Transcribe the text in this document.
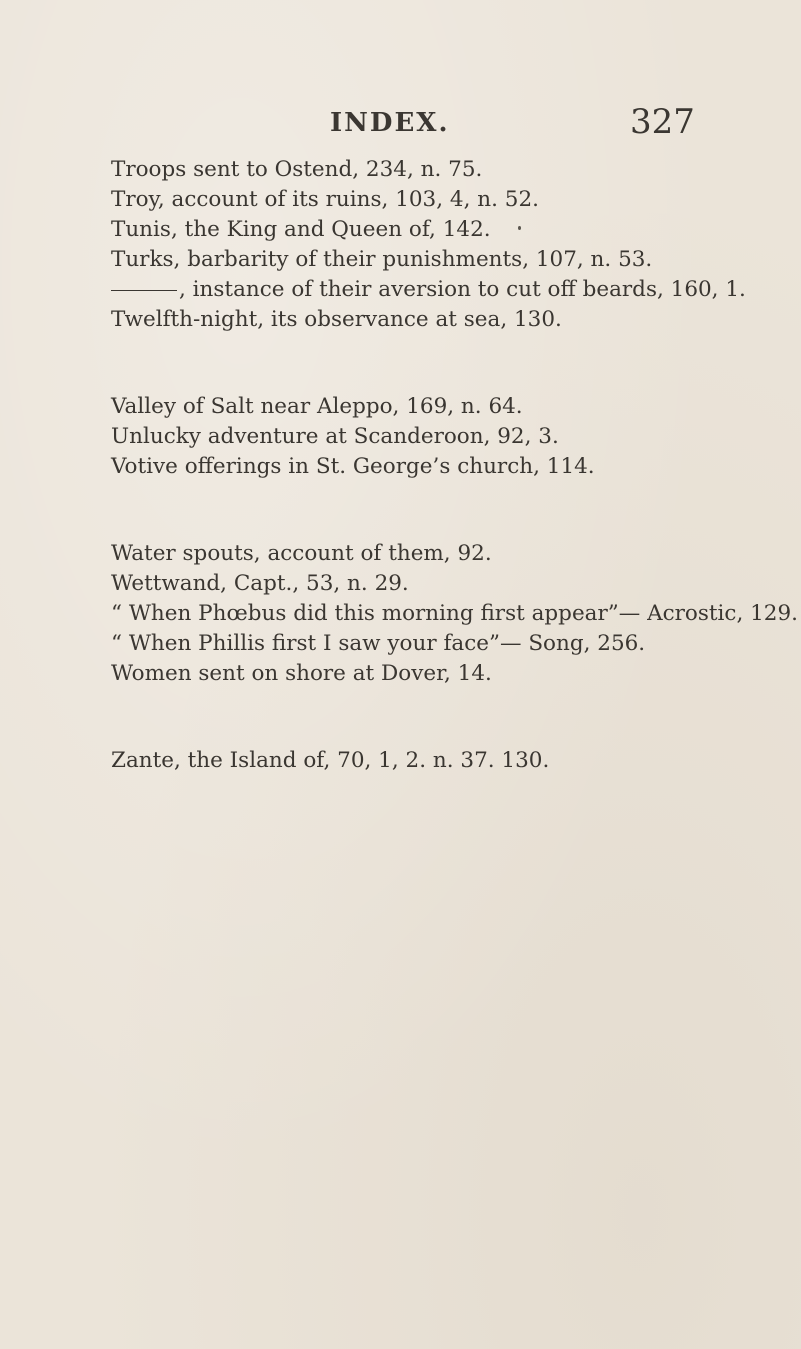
INDEX.	327
Troops sent to Ostend, 234, n. 75.
Troy, account of its ruins, 103, 4, n. 52.
Tunis, the King and Queen of, 142.
Turks, barbarity of their punishments, 107, n. 53.
, instance of their aversion to cut off beards, 160, 1.
Twelfth-night, its observance at sea, 130.
Valley of Salt near Aleppo, 169, n. 64.
Unlucky adventure at Scanderoon, 92, 3.
Votive offerings in St. George’s church, 114.
Water spouts, account of them, 92.
Wettwand, Capt., 53, n. 29.
“ When Phœbus did this morning first appear”— Acrostic, 129.
“ When Phillis first I saw your face”— Song, 256.
Women sent on shore at Dover, 14.
Zante, the Island of, 70, 1, 2. n. 37. 130.
